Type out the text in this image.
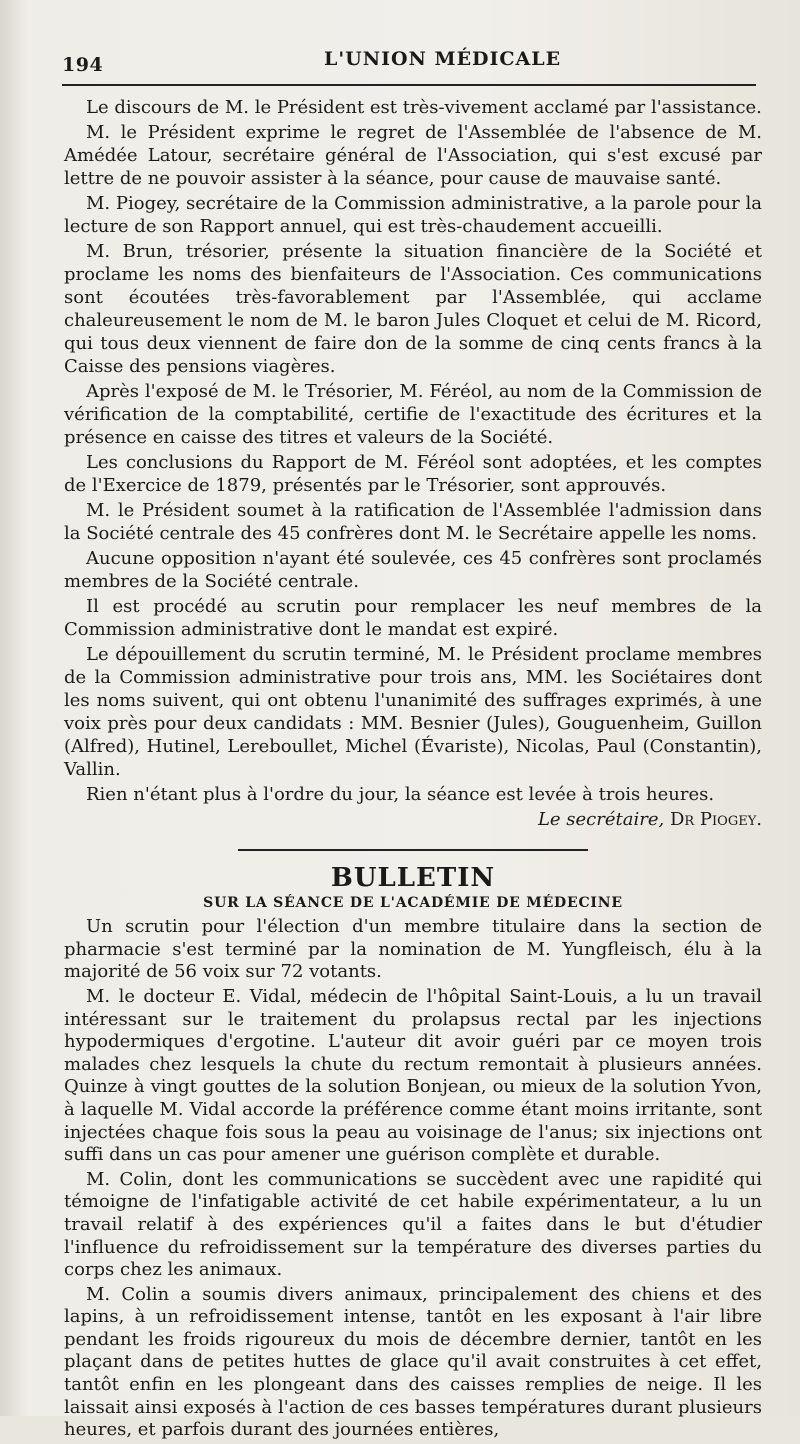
194	L'UNION MÉDICALE

Le discours de M. le Président est très-vivement acclamé par l'assistance.

M. le Président exprime le regret de l'Assemblée de l'absence de M. Amédée Latour, secrétaire général de l'Association, qui s'est excusé par lettre de ne pouvoir assister à la séance, pour cause de mauvaise santé.

M. Piogey, secrétaire de la Commission administrative, a la parole pour la lecture de son Rapport annuel, qui est très-chaudement accueilli.

M. Brun, trésorier, présente la situation financière de la Société et proclame les noms des bienfaiteurs de l'Association. Ces communications sont écoutées très-favorablement par l'Assemblée, qui acclame chaleureusement le nom de M. le baron Jules Cloquet et celui de M. Ricord, qui tous deux viennent de faire don de la somme de cinq cents francs à la Caisse des pensions viagères.

Après l'exposé de M. le Trésorier, M. Féréol, au nom de la Commission de vérification de la comptabilité, certifie de l'exactitude des écritures et la présence en caisse des titres et valeurs de la Société.

Les conclusions du Rapport de M. Féréol sont adoptées, et les comptes de l'Exercice de 1879, présentés par le Trésorier, sont approuvés.

M. le Président soumet à la ratification de l'Assemblée l'admission dans la Société centrale des 45 confrères dont M. le Secrétaire appelle les noms.

Aucune opposition n'ayant été soulevée, ces 45 confrères sont proclamés membres de la Société centrale.

Il est procédé au scrutin pour remplacer les neuf membres de la Commission administrative dont le mandat est expiré.

Le dépouillement du scrutin terminé, M. le Président proclame membres de la Commission administrative pour trois ans, MM. les Sociétaires dont les noms suivent, qui ont obtenu l'unanimité des suffrages exprimés, à une voix près pour deux candidats : MM. Besnier (Jules), Gouguenheim, Guillon (Alfred), Hutinel, Lereboullet, Michel (Évariste), Nicolas, Paul (Constantin), Vallin.

Rien n'étant plus à l'ordre du jour, la séance est levée à trois heures.

Le secrétaire, Dr Piogey.

BULLETIN

SUR LA SÉANCE DE L'ACADÉMIE DE MÉDECINE

Un scrutin pour l'élection d'un membre titulaire dans la section de pharmacie s'est terminé par la nomination de M. Yungfleisch, élu à la majorité de 56 voix sur 72 votants.

M. le docteur E. Vidal, médecin de l'hôpital Saint-Louis, a lu un travail intéressant sur le traitement du prolapsus rectal par les injections hypodermiques d'ergotine. L'auteur dit avoir guéri par ce moyen trois malades chez lesquels la chute du rectum remontait à plusieurs années. Quinze à vingt gouttes de la solution Bonjean, ou mieux de la solution Yvon, à laquelle M. Vidal accorde la préférence comme étant moins irritante, sont injectées chaque fois sous la peau au voisinage de l'anus; six injections ont suffi dans un cas pour amener une guérison complète et durable.

M. Colin, dont les communications se succèdent avec une rapidité qui témoigne de l'infatigable activité de cet habile expérimentateur, a lu un travail relatif à des expériences qu'il a faites dans le but d'étudier l'influence du refroidissement sur la température des diverses parties du corps chez les animaux.

M. Colin a soumis divers animaux, principalement des chiens et des lapins, à un refroidissement intense, tantôt en les exposant à l'air libre pendant les froids rigoureux du mois de décembre dernier, tantôt en les plaçant dans de petites huttes de glace qu'il avait construites à cet effet, tantôt enfin en les plongeant dans des caisses remplies de neige. Il les laissait ainsi exposés à l'action de ces basses températures durant plusieurs heures, et parfois durant des journées entières,
